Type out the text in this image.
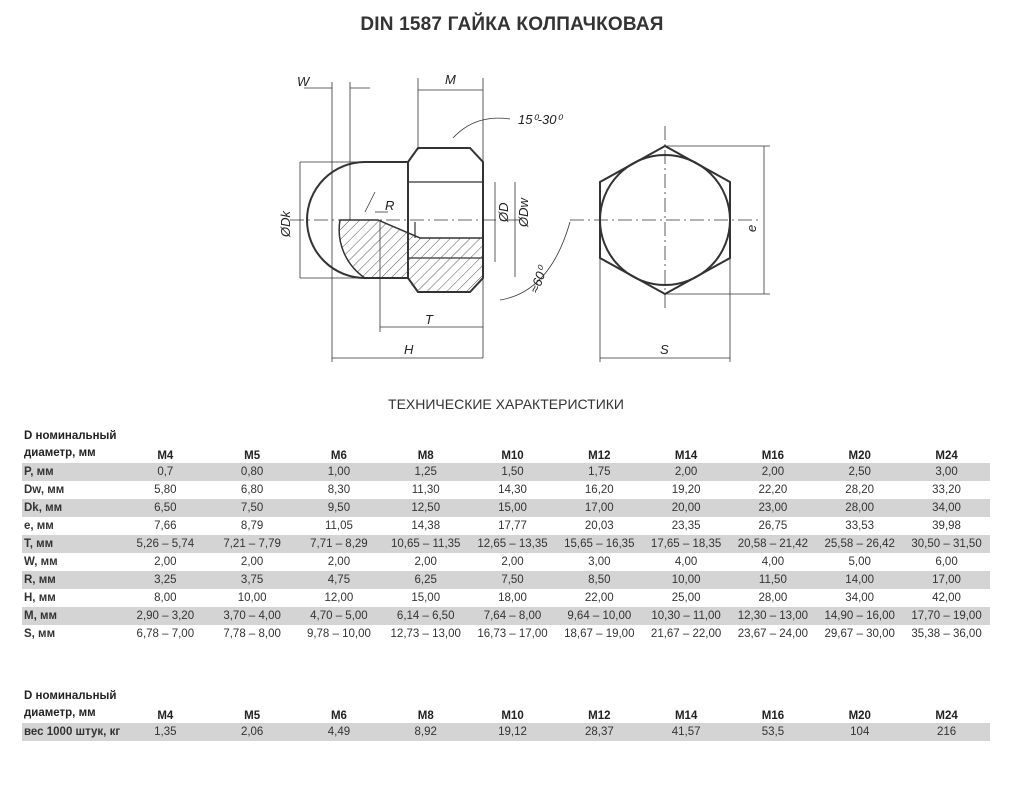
DIN 1587 ГАЙКА КОЛПАЧКОВАЯ
W	M
15⁰-30⁰
ØDk
R	ØD ØDw
≈60⁰
T
H
e
S
ТЕХНИЧЕСКИЕ ХАРАКТЕРИСТИКИ
D номинальный
диаметр, мм	M4	M5	M6	M8	M10	M12	M14	M16	M20	M24
P, мм	0,7	0,80	1,00	1,25	1,50	1,75	2,00	2,00	2,50	3,00
Dw, мм	5,80	6,80	8,30	11,30	14,30	16,20	19,20	22,20	28,20	33,20
Dk, мм	6,50	7,50	9,50	12,50	15,00	17,00	20,00	23,00	28,00	34,00
e, мм	7,66	8,79	11,05	14,38	17,77	20,03	23,35	26,75	33,53	39,98
T, мм	5,26 – 5,74	7,21 – 7,79	7,71 – 8,29	10,65 – 11,35	12,65 – 13,35	15,65 – 16,35	17,65 – 18,35	20,58 – 21,42	25,58 – 26,42	30,50 – 31,50
W, мм	2,00	2,00	2,00	2,00	2,00	3,00	4,00	4,00	5,00	6,00
R, мм	3,25	3,75	4,75	6,25	7,50	8,50	10,00	11,50	14,00	17,00
H, мм	8,00	10,00	12,00	15,00	18,00	22,00	25,00	28,00	34,00	42,00
M, мм	2,90 – 3,20	3,70 – 4,00	4,70 – 5,00	6,14 – 6,50	7,64 – 8,00	9,64 – 10,00	10,30 – 11,00	12,30 – 13,00	14,90 – 16,00	17,70 – 19,00
S, мм	6,78 – 7,00	7,78 – 8,00	9,78 – 10,00	12,73 – 13,00	16,73 – 17,00	18,67 – 19,00	21,67 – 22,00	23,67 – 24,00	29,67 – 30,00	35,38 – 36,00
D номинальный
диаметр, мм	M4	M5	M6	M8	M10	M12	M14	M16	M20	M24
вес 1000 штук, кг	1,35	2,06	4,49	8,92	19,12	28,37	41,57	53,5	104	216
